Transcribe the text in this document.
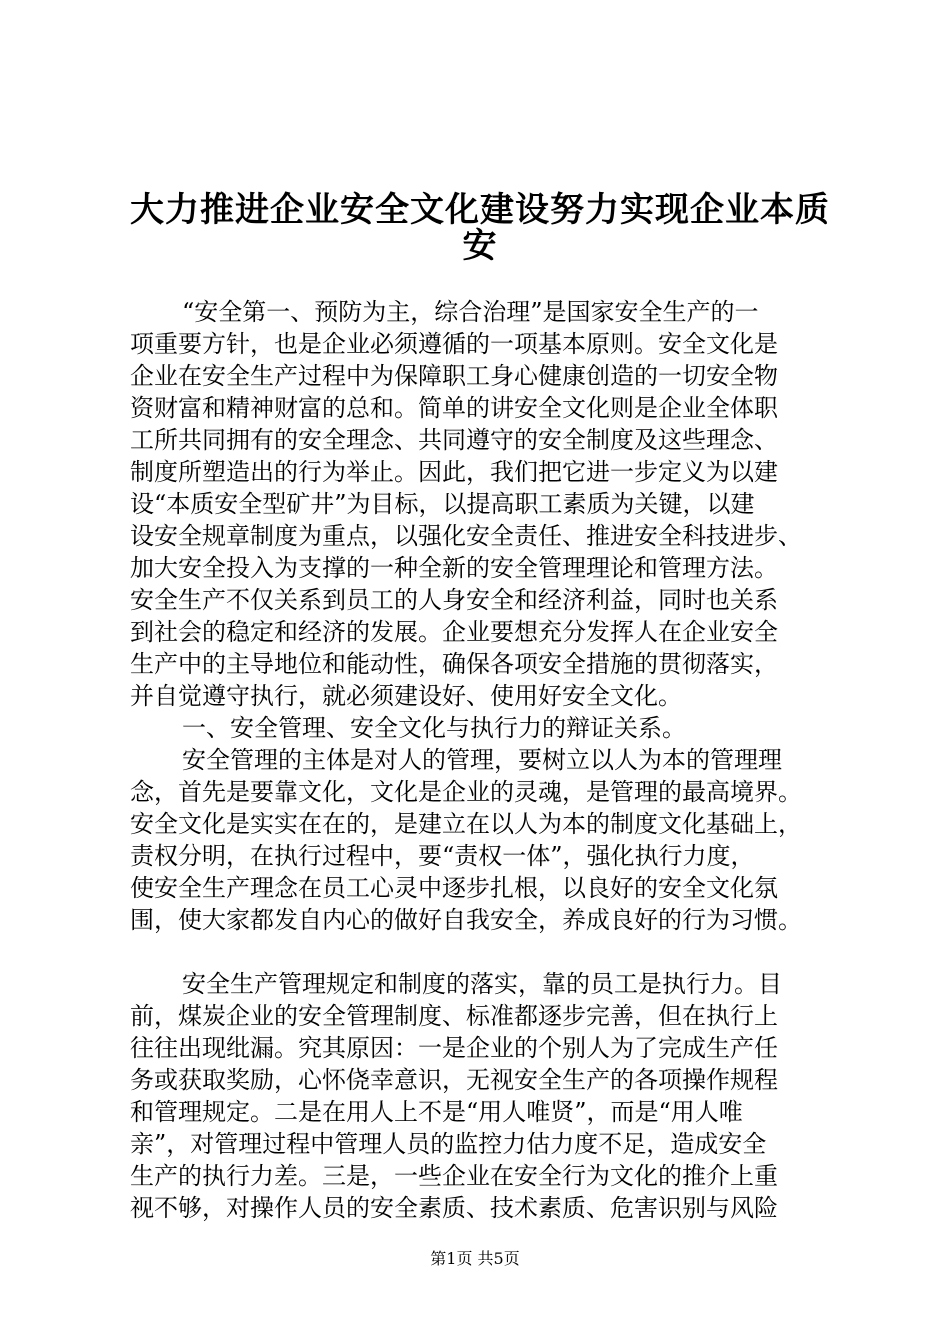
大力推进企业安全文化建设努力实现企业本质
安
“安全第一、预防为主，综合治理”是国家安全生产的一
项重要方针，也是企业必须遵循的一项基本原则。安全文化是
企业在安全生产过程中为保障职工身心健康创造的一切安全物
资财富和精神财富的总和。简单的讲安全文化则是企业全体职
工所共同拥有的安全理念、共同遵守的安全制度及这些理念、
制度所塑造出的行为举止。因此，我们把它进一步定义为以建
设“本质安全型矿井”为目标，以提高职工素质为关键，以建
设安全规章制度为重点，以强化安全责任、推进安全科技进步、
加大安全投入为支撑的一种全新的安全管理理论和管理方法。
安全生产不仅关系到员工的人身安全和经济利益，同时也关系
到社会的稳定和经济的发展。企业要想充分发挥人在企业安全
生产中的主导地位和能动性，确保各项安全措施的贯彻落实，
并自觉遵守执行，就必须建设好、使用好安全文化。
一、安全管理、安全文化与执行力的辩证关系。
安全管理的主体是对人的管理，要树立以人为本的管理理
念，首先是要靠文化，文化是企业的灵魂，是管理的最高境界。
安全文化是实实在在的，是建立在以人为本的制度文化基础上，
责权分明，在执行过程中，要“责权一体”，强化执行力度，
使安全生产理念在员工心灵中逐步扎根，以良好的安全文化氛
围，使大家都发自内心的做好自我安全，养成良好的行为习惯。
安全生产管理规定和制度的落实，靠的员工是执行力。目
前，煤炭企业的安全管理制度、标准都逐步完善，但在执行上
往往出现纰漏。究其原因：一是企业的个别人为了完成生产任
务或获取奖励，心怀侥幸意识，无视安全生产的各项操作规程
和管理规定。二是在用人上不是“用人唯贤”，而是“用人唯
亲”，对管理过程中管理人员的监控力估力度不足，造成安全
生产的执行力差。三是，一些企业在安全行为文化的推介上重
视不够，对操作人员的安全素质、技术素质、危害识别与风险
第1页 共5页
